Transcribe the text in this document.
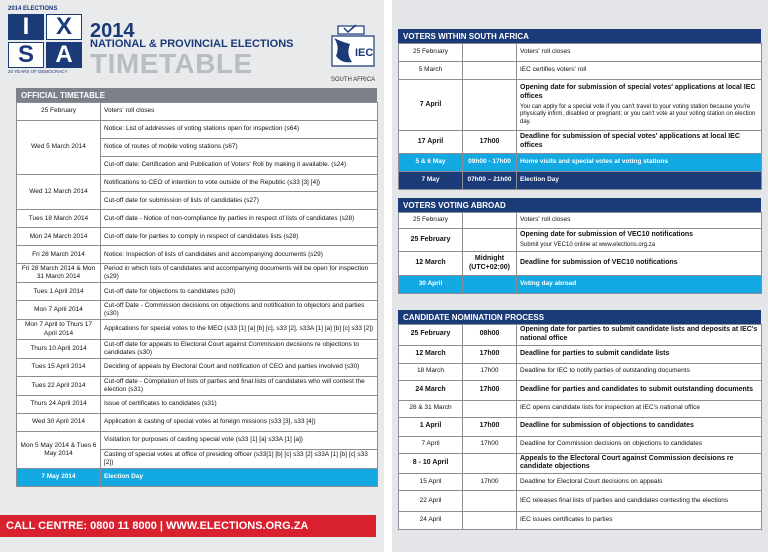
2014 ELECTIONS
I	X
S A
20 YEARS OF DEMOCRACY
2014
NATIONAL & PROVINCIAL ELECTIONS
TIMETABLE	IEC
SOUTH AFRICA
OFFICIAL TIMETABLE
25 February	Voters' roll closes
Wed 5 March 2014	Notice: List of addresses of voting stations open for inspection (s64)
	Notice of routes of mobile voting stations (s67)
	Cut-off date: Certification and Publication of Voters' Roll by making it available. (s24)
Wed 12 March 2014	Notifications to CEO of intention to vote outside of the Republic (s33 [3] [4])
	Cut-off date for submission of lists of candidates (s27)
Tues 18 March 2014	Cut-off date - Notice of non-compliance by parties in respect of lists of candidates (s28)
Mon 24 March 2014	Cut-off date for parties to comply in respect of candidates lists (s28)
Fri 28 March 2014	Notice: Inspection of lists of candidates and accompanying documents (s29)
Fri 28 March 2014 & Mon 31 March 2014	Period in which lists of candidates and accompanying documents will be open for inspection (s29)
Tues 1 April 2014	Cut-off date for objections to candidates (s30)
Mon 7 April 2014	Cut-off Date - Commission decisions on objections and notification to objectors and parties (s30)
Mon 7 April to Thurs 17 April 2014	Applications for special votes to the MEO (s33 [1] [a] [b] [c], s33 [2], s33A [1] [a] [b] [c] s33 [2])
Thurs 10 April 2014	Cut-off date for appeals to Electoral Court against Commission decisions re objections to candidates (s30)
Tues 15 April 2014	Deciding of appeals by Electoral Court and notification of CEO and parties involved (s30)
Tues 22 April 2014	Cut-off date - Compilation of lists of parties and final lists of candidates who will contest the election (s31)
Thurs 24 April 2014	Issue of certificates to candidates (s31)
Wed 30 April 2014	Application & casting of special votes at foreign missions (s33 [3], s33 [4])
Mon 5 May 2014 & Tues 6 May 2014	Visitation for purposes of casting special vote (s33 [1] [a] s33A [1] [a])
	Casting of special votes at office of presiding officer (s33[1] [b] [c] s33 [2] s33A [1] [b] [c] s33 [2])
7 May 2014	Election Day
CALL CENTRE: 0800 11 8000 | WWW.ELECTIONS.ORG.ZA
VOTERS WITHIN SOUTH AFRICA
25 February		Voters' roll closes

5 March		IEC certifies voters' roll

7 April		Opening date for submission of special votes' applications at local IEC offices
You can apply for a special vote if you can't travel to your voting station because you're physically infirm, disabled or pregnant; or you can't vote at your voting station on election day.

17 April	17h00	Deadline for submission of special votes' applications at local IEC offices

5 & 6 May	09h00 - 17h00	Home visits and special votes at voting stations

7 May	07h00 – 21h00	Election Day
VOTERS VOTING ABROAD
25 February		Voters' roll closes

25 February		Opening date for submission of VEC10 notifications
Submit your VEC10 online at www.elections.org.za

12 March	Midnight (UTC+02:00)	Deadline for submission of VEC10 notifications

30 April		Voting day abroad
CANDIDATE NOMINATION PROCESS
25 February	08h00	Opening date for parties to submit candidate lists and deposits at IEC's national office

12 March	17h00	Deadline for parties to submit candidate lists

18 March	17h00	Deadline for IEC to notify parties of outstanding documents

24 March	17h00	Deadline for parties and candidates to submit outstanding documents

28 & 31 March		IEC opens candidate lists for inspection at IEC's national office

1 April	17h00	Deadline for submission of objections to candidates

7 April	17h00	Deadline for Commission decisions on objections to candidates

8 - 10 April		Appeals to the Electoral Court against Commission decisions re candidate objections

15 April	17h00	Deadline for Electoral Court decisions on appeals

22 April		IEC releases final lists of parties and candidates contesting the elections

24 April		IEC issues certificates to parties
